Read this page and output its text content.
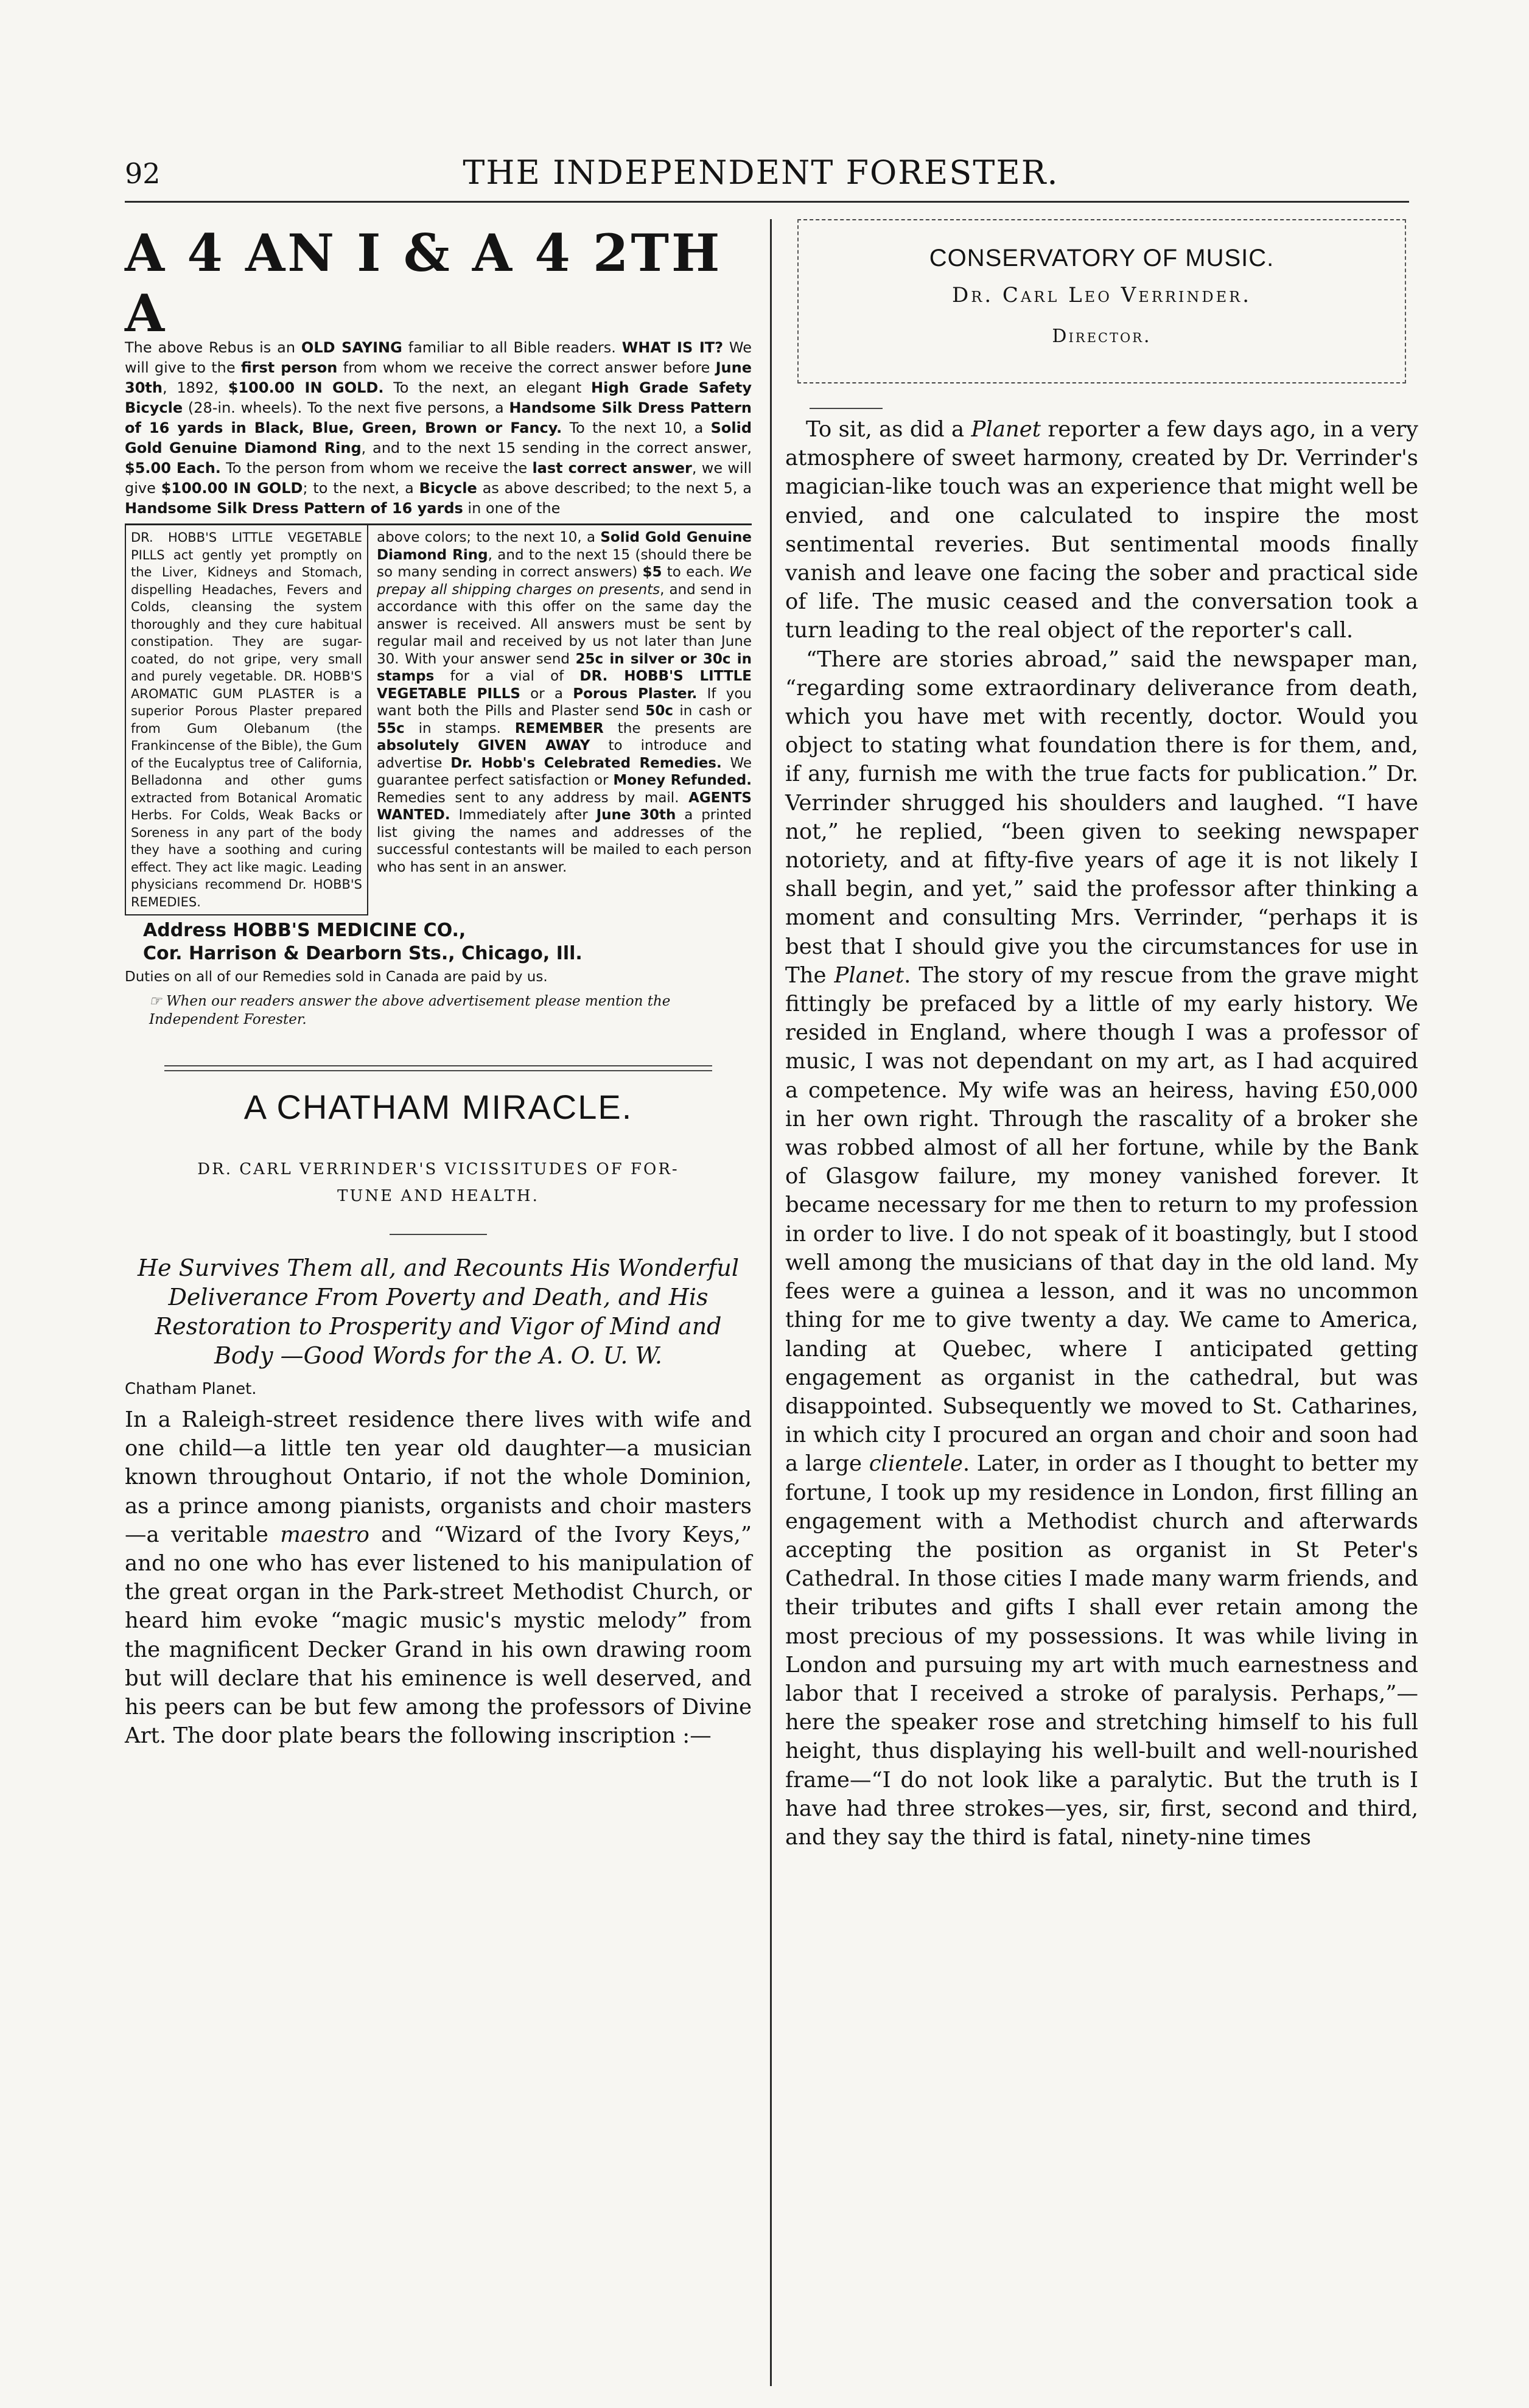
92	THE INDEPENDENT FORESTER.
A 4 AN I & A 4 2TH A
The above Rebus is an OLD SAYING familiar to all Bible readers. WHAT IS IT? We will give to the first person from whom we receive the correct answer before June 30th, 1892, $100.00 IN GOLD. To the next, an elegant High Grade Safety Bicycle (28-in. wheels). To the next five persons, a Handsome Silk Dress Pattern of 16 yards in Black, Blue, Green, Brown or Fancy. To the next 10, a Solid Gold Genuine Diamond Ring, and to the next 15 sending in the correct answer, $5.00 Each. To the person from whom we receive the last correct answer, we will give $100.00 IN GOLD; to the next, a Bicycle as above described; to the next 5, a Handsome Silk Dress Pattern of 16 yards in one of the
DR. HOBB'S LITTLE VEGETABLE PILLS act gently yet promptly on the Liver, Kidneys and Stomach, dispelling Headaches, Fevers and Colds, cleansing the system thoroughly and they cure habitual constipation. They are sugar-coated, do not gripe, very small and purely vegetable. DR. HOBB'S AROMATIC GUM PLASTER is a superior Porous Plaster prepared from Gum Olebanum (the Frankincense of the Bible), the Gum of the Eucalyptus tree of California, Belladonna and other gums extracted from Botanical Aromatic Herbs. For Colds, Weak Backs or Soreness in any part of the body they have a soothing and curing effect. They act like magic. Leading physicians recommend Dr. HOBB'S REMEDIES.
above colors; to the next 10, a Solid Gold Genuine Diamond Ring, and to the next 15 (should there be so many sending in correct answers) $5 to each. We prepay all shipping charges on presents, and send in accordance with this offer on the same day the answer is received. All answers must be sent by regular mail and received by us not later than June 30. With your answer send 25c in silver or 30c in stamps for a vial of DR. HOBB'S LITTLE VEGETABLE PILLS or a Porous Plaster. If you want both the Pills and Plaster send 50c in cash or 55c in stamps. REMEMBER the presents are absolutely GIVEN AWAY to introduce and advertise Dr. Hobb's Celebrated Remedies. We guarantee perfect satisfaction or Money Refunded. Remedies sent to any address by mail. AGENTS WANTED. Immediately after June 30th a printed list giving the names and addresses of the successful contestants will be mailed to each person who has sent in an answer.
Address HOBB'S MEDICINE CO.,
Cor. Harrison & Dearborn Sts., Chicago, Ill.
Duties on all of our Remedies sold in Canada are paid by us.
☞ When our readers answer the above advertisement please mention the Independent Forester.
A CHATHAM MIRACLE.
DR. CARL VERRINDER'S VICISSITUDES OF FOR-
TUNE AND HEALTH.
He Survives Them all, and Recounts His Wonderful Deliverance From Poverty and Death, and His Restoration to Prosperity and Vigor of Mind and Body —Good Words for the A. O. U. W.
Chatham Planet.

In a Raleigh-street residence there lives with wife and one child—a little ten year old daughter—a musician known throughout Ontario, if not the whole Dominion, as a prince among pianists, organists and choir masters—a veritable maestro and “Wizard of the Ivory Keys,” and no one who has ever listened to his manipulation of the great organ in the Park-street Methodist Church, or heard him evoke “magic music's mystic melody” from the magnificent Decker Grand in his own drawing room but will declare that his eminence is well deserved, and his peers can be but few among the professors of Divine Art. The door plate bears the following inscription :—

CONSERVATORY OF MUSIC.
Dr. Carl Leo Verrinder.
Director.

To sit, as did a Planet reporter a few days ago, in a very atmosphere of sweet harmony, created by Dr. Verrinder's magician-like touch was an experience that might well be envied, and one calculated to inspire the most sentimental reveries. But sentimental moods finally vanish and leave one facing the sober and practical side of life. The music ceased and the conversation took a turn leading to the real object of the reporter's call.

“There are stories abroad,” said the newspaper man, “regarding some extraordinary deliverance from death, which you have met with recently, doctor. Would you object to stating what foundation there is for them, and, if any, furnish me with the true facts for publication.” Dr. Verrinder shrugged his shoulders and laughed. “I have not,” he replied, “been given to seeking newspaper notoriety, and at fifty-five years of age it is not likely I shall begin, and yet,” said the professor after thinking a moment and consulting Mrs. Verrinder, “perhaps it is best that I should give you the circumstances for use in The Planet. The story of my rescue from the grave might fittingly be prefaced by a little of my early history. We resided in England, where though I was a professor of music, I was not dependant on my art, as I had acquired a competence. My wife was an heiress, having £50,000 in her own right. Through the rascality of a broker she was robbed almost of all her fortune, while by the Bank of Glasgow failure, my money vanished forever. It became necessary for me then to return to my profession in order to live. I do not speak of it boastingly, but I stood well among the musicians of that day in the old land. My fees were a guinea a lesson, and it was no uncommon thing for me to give twenty a day. We came to America, landing at Quebec, where I anticipated getting engagement as organist in the cathedral, but was disappointed. Subsequently we moved to St. Catharines, in which city I procured an organ and choir and soon had a large clientele. Later, in order as I thought to better my fortune, I took up my residence in London, first filling an engagement with a Methodist church and afterwards accepting the position as organist in St Peter's Cathedral. In those cities I made many warm friends, and their tributes and gifts I shall ever retain among the most precious of my possessions. It was while living in London and pursuing my art with much earnestness and labor that I received a stroke of paralysis. Perhaps,”—here the speaker rose and stretching himself to his full height, thus displaying his well-built and well-nourished frame—“I do not look like a paralytic. But the truth is I have had three strokes—yes, sir, first, second and third, and they say the third is fatal, ninety-nine times
